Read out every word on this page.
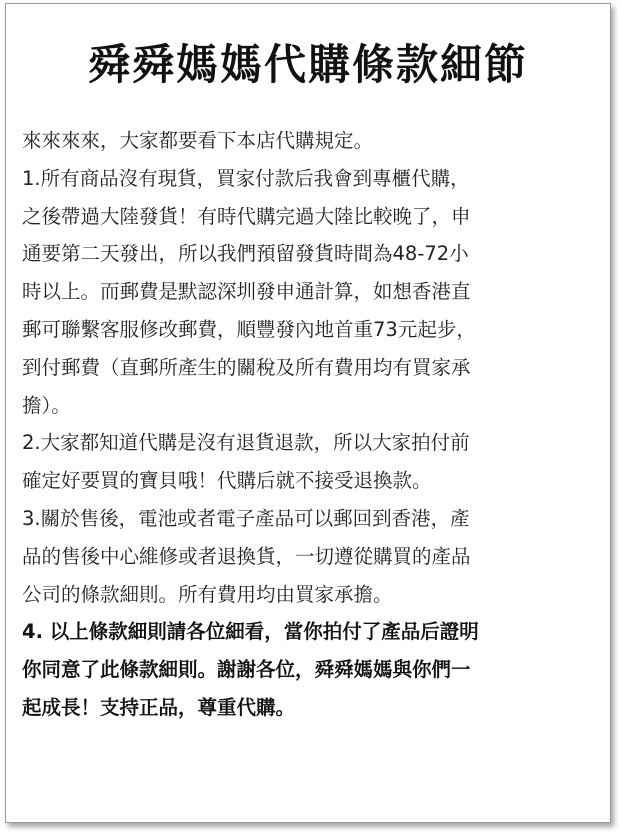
舜舜媽媽代購條款細節
來來來來，大家都要看下本店代購規定。
1.所有商品沒有現貨，買家付款后我會到專櫃代購，
之後帶過大陸發貨！有時代購完過大陸比較晚了，申
通要第二天發出，所以我們預留發貨時間為48-72小
時以上。而郵費是默認深圳發申通計算，如想香港直
郵可聯繫客服修改郵費，順豐發內地首重73元起步，
到付郵費（直郵所產生的關稅及所有費用均有買家承
擔）。
2.大家都知道代購是沒有退貨退款，所以大家拍付前
確定好要買的寶貝哦！代購后就不接受退換款。
3.關於售後，電池或者電子產品可以郵回到香港，產
品的售後中心維修或者退換貨，一切遵從購買的產品
公司的條款細則。所有費用均由買家承擔。
4. 以上條款細則請各位細看，當你拍付了產品后證明
你同意了此條款細則。謝謝各位，舜舜媽媽與你們一
起成長！支持正品，尊重代購。
